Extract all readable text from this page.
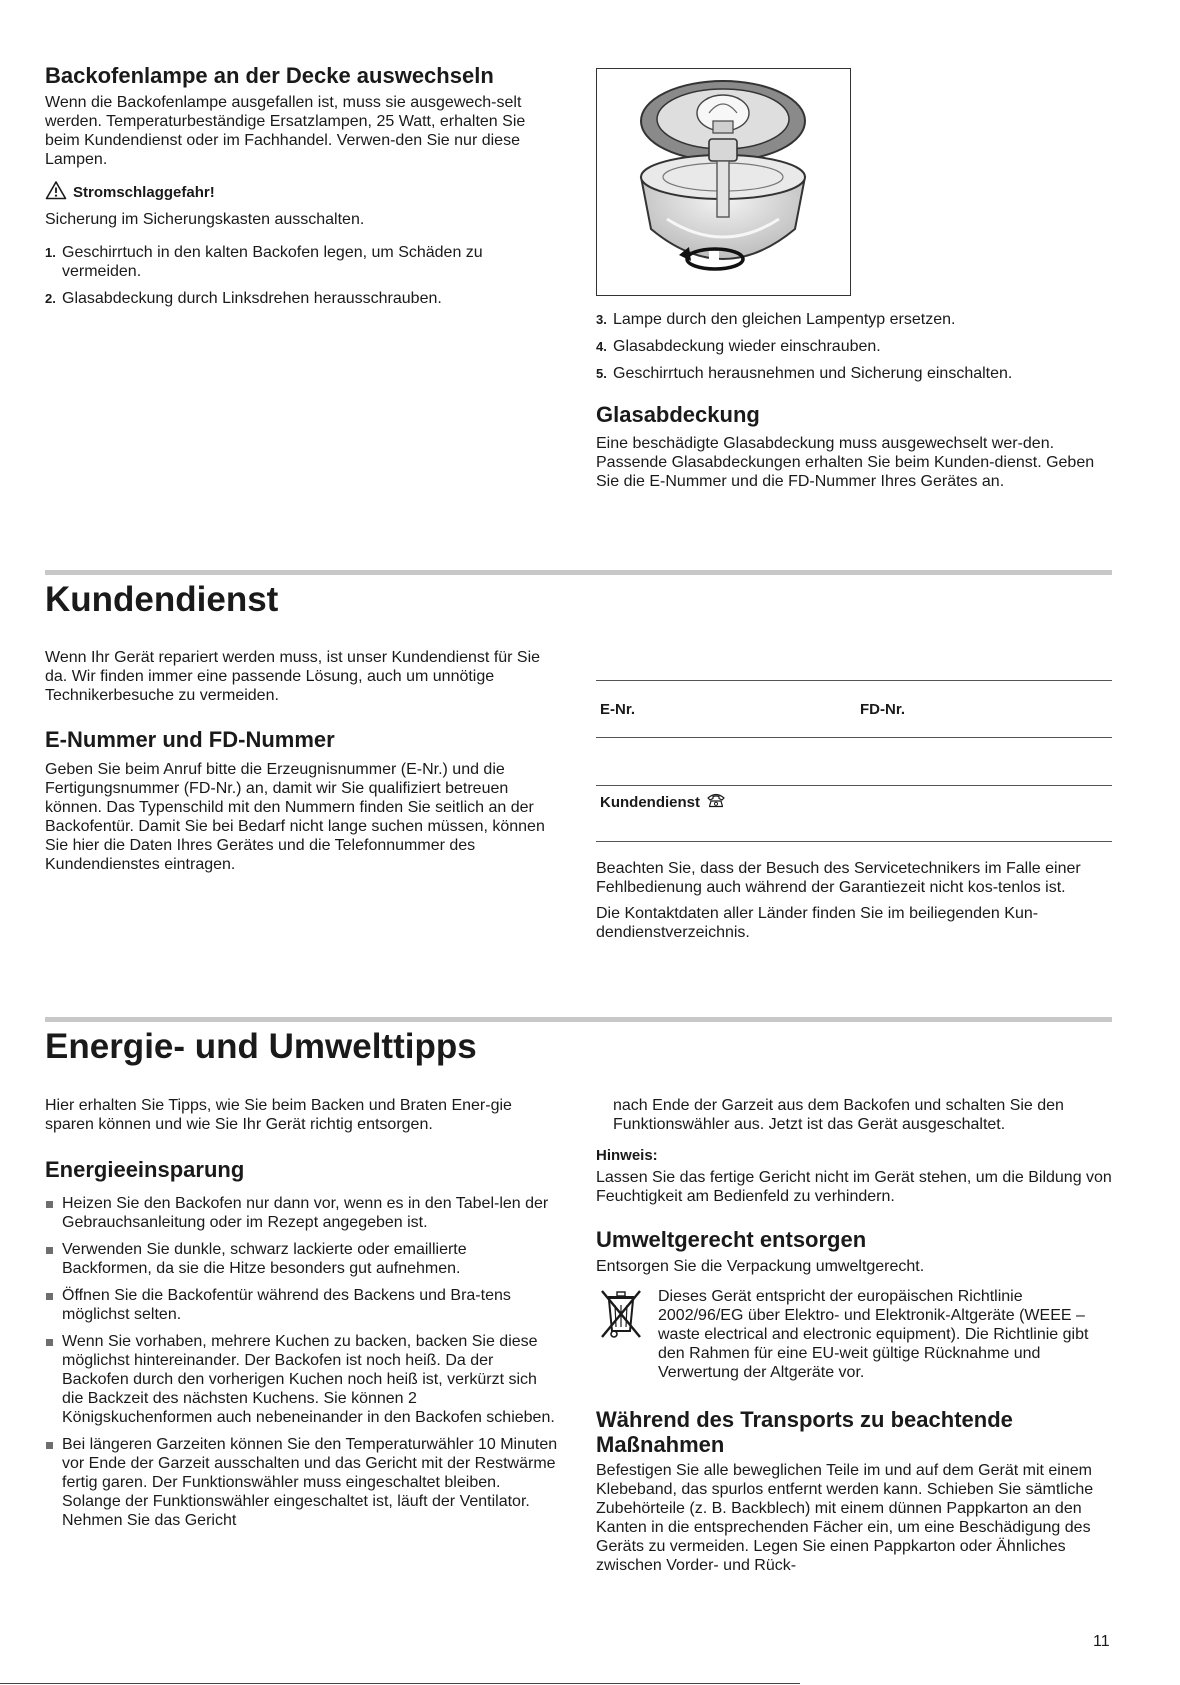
Backofenlampe an der Decke auswechseln

Wenn die Backofenlampe ausgefallen ist, muss sie ausgewech-selt werden. Temperaturbeständige Ersatzlampen, 25 Watt, erhalten Sie beim Kundendienst oder im Fachhandel. Verwen-den Sie nur diese Lampen.

Stromschlaggefahr!

Sicherung im Sicherungskasten ausschalten.

1. Geschirrtuch in den kalten Backofen legen, um Schäden zu vermeiden.
2. Glasabdeckung durch Linksdrehen herausschrauben.
3. Lampe durch den gleichen Lampentyp ersetzen.
4. Glasabdeckung wieder einschrauben.
5. Geschirrtuch herausnehmen und Sicherung einschalten.
Glasabdeckung

Eine beschädigte Glasabdeckung muss ausgewechselt wer-den. Passende Glasabdeckungen erhalten Sie beim Kunden-dienst. Geben Sie die E-Nummer und die FD-Nummer Ihres Gerätes an.

Kundendienst

Wenn Ihr Gerät repariert werden muss, ist unser Kundendienst für Sie da. Wir finden immer eine passende Lösung, auch um unnötige Technikerbesuche zu vermeiden.

E-Nummer und FD-Nummer

Geben Sie beim Anruf bitte die Erzeugnisnummer (E-Nr.) und die Fertigungsnummer (FD-Nr.) an, damit wir Sie qualifiziert betreuen können. Das Typenschild mit den Nummern finden Sie seitlich an der Backofentür. Damit Sie bei Bedarf nicht lange suchen müssen, können Sie hier die Daten Ihres Gerätes und die Telefonnummer des Kundendienstes eintragen.

E-Nr.	FD-Nr.
Kundendienst

Beachten Sie, dass der Besuch des Servicetechnikers im Falle einer Fehlbedienung auch während der Garantiezeit nicht kos-tenlos ist.

Die Kontaktdaten aller Länder finden Sie im beiliegenden Kun-dendienstverzeichnis.

Energie- und Umwelttipps

Hier erhalten Sie Tipps, wie Sie beim Backen und Braten Ener-gie sparen können und wie Sie Ihr Gerät richtig entsorgen.

Energieeinsparung
Heizen Sie den Backofen nur dann vor, wenn es in den Tabel-len der Gebrauchsanleitung oder im Rezept angegeben ist.
Verwenden Sie dunkle, schwarz lackierte oder emaillierte Backformen, da sie die Hitze besonders gut aufnehmen.
Öffnen Sie die Backofentür während des Backens und Bra-tens möglichst selten.
Wenn Sie vorhaben, mehrere Kuchen zu backen, backen Sie diese möglichst hintereinander. Der Backofen ist noch heiß. Da der Backofen durch den vorherigen Kuchen noch heiß ist, verkürzt sich die Backzeit des nächsten Kuchens. Sie können 2 Königskuchenformen auch nebeneinander in den Backofen schieben.
Bei längeren Garzeiten können Sie den Temperaturwähler 10 Minuten vor Ende der Garzeit ausschalten und das Gericht mit der Restwärme fertig garen. Der Funktionswähler muss eingeschaltet bleiben. Solange der Funktionswähler eingeschaltet ist, läuft der Ventilator. Nehmen Sie das Gericht

nach Ende der Garzeit aus dem Backofen und schalten Sie den Funktionswähler aus. Jetzt ist das Gerät ausgeschaltet.

Hinweis:

Lassen Sie das fertige Gericht nicht im Gerät stehen, um die Bildung von Feuchtigkeit am Bedienfeld zu verhindern.

Umweltgerecht entsorgen

Entsorgen Sie die Verpackung umweltgerecht.

Dieses Gerät entspricht der europäischen Richtlinie 2002/96/EG über Elektro- und Elektronik-Altgeräte (WEEE – waste electrical and electronic equipment). Die Richtlinie gibt den Rahmen für eine EU-weit gültige Rücknahme und Verwertung der Altgeräte vor.

Während des Transports zu beachtende Maßnahmen

Befestigen Sie alle beweglichen Teile im und auf dem Gerät mit einem Klebeband, das spurlos entfernt werden kann. Schieben Sie sämtliche Zubehörteile (z. B. Backblech) mit einem dünnen Pappkarton an den Kanten in die entsprechenden Fächer ein, um eine Beschädigung des Geräts zu vermeiden. Legen Sie einen Pappkarton oder Ähnliches zwischen Vorder- und Rück-

11
